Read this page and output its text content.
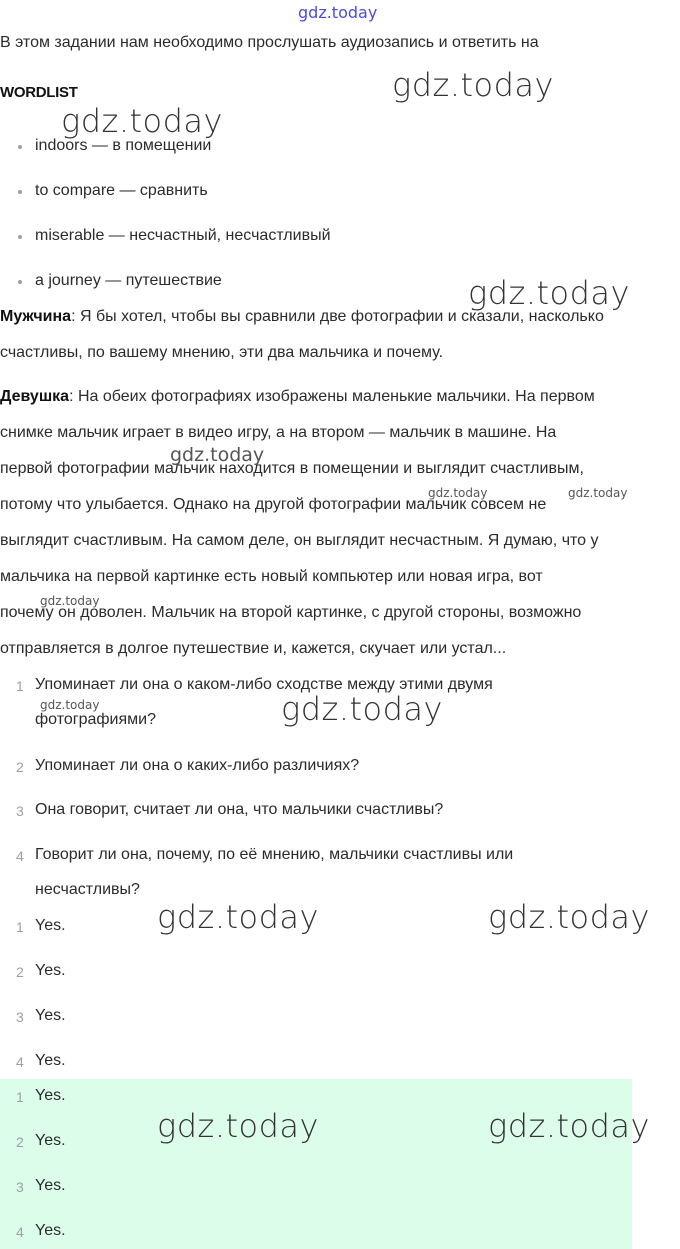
gdz.today
В этом задании нам необходимо прослушать аудиозапись и ответить на
WORDLIST
indoors — в помещении
to compare — сравнить
miserable — несчастный, несчастливый
a journey — путешествие
Мужчина: Я бы хотел, чтобы вы сравнили две фотографии и сказали, насколько
счастливы, по вашему мнению, эти два мальчика и почему.
Девушка: На обеих фотографиях изображены маленькие мальчики. На первом
снимке мальчик играет в видео игру, а на втором — мальчик в машине. На
первой фотографии мальчик находится в помещении и выглядит счастливым,
потому что улыбается. Однако на другой фотографии мальчик совсем не
выглядит счастливым. На самом деле, он выглядит несчастным. Я думаю, что у
мальчика на первой картинке есть новый компьютер или новая игра, вот
почему он доволен. Мальчик на второй картинке, с другой стороны, возможно
отправляется в долгое путешествие и, кажется, скучает или устал...
1 Упоминает ли она о каком-либо сходстве между этими двумя
фотографиями?
2 Упоминает ли она о каких-либо различиях?
3 Она говорит, считает ли она, что мальчики счастливы?
4 Говорит ли она, почему, по её мнению, мальчики счастливы или
несчастливы?
1 Yes.
2 Yes.
3 Yes.
4 Yes.
1 Yes.
2 Yes.
3 Yes.
4 Yes.
gdz.today
gdz.today
gdz.today
gdz.today
gdz.today	gdz.today
gdz.today	gdz.today
gdz.today
gdz.today	gdz.today
gdz.today
gdz.today
